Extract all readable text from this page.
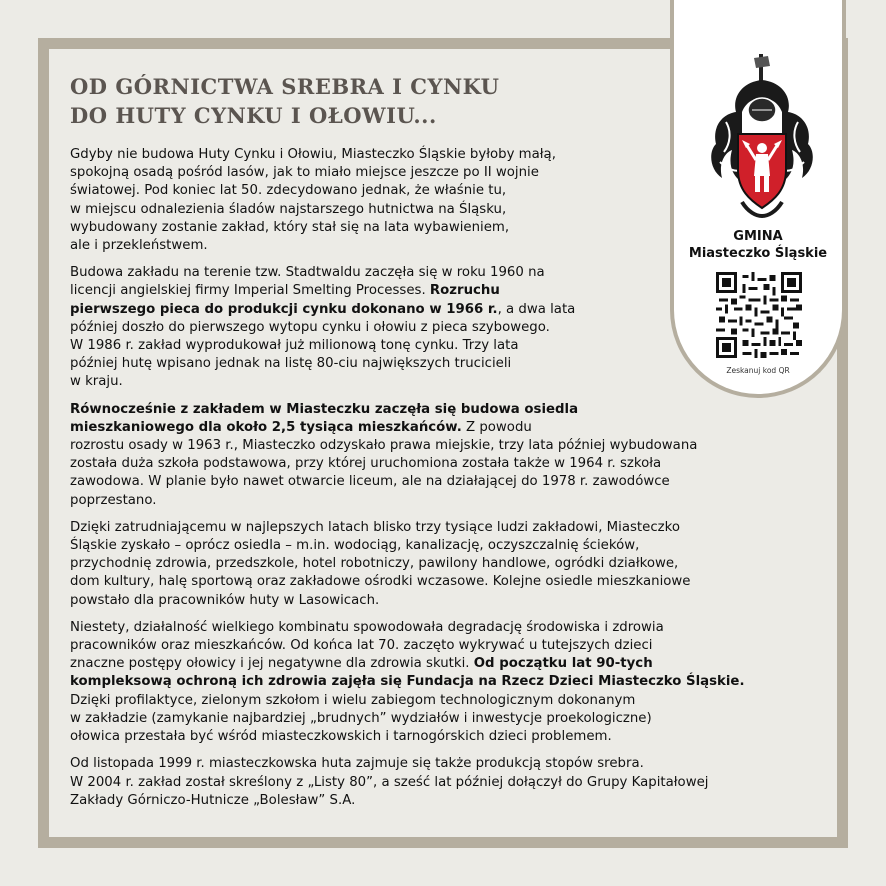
OD GÓRNICTWA SREBRA I CYNKU
DO HUTY CYNKU I OŁOWIU...

Gdyby nie budowa Huty Cynku i Ołowiu, Miasteczko Śląskie byłoby małą,
spokojną osadą pośród lasów, jak to miało miejsce jeszcze po II wojnie
światowej. Pod koniec lat 50. zdecydowano jednak, że właśnie tu,
w miejscu odnalezienia śladów najstarszego hutnictwa na Śląsku,
wybudowany zostanie zakład, który stał się na lata wybawieniem,
ale i przekleństwem.

Budowa zakładu na terenie tzw. Stadtwaldu zaczęła się w roku 1960 na
licencji angielskiej firmy Imperial Smelting Processes. Rozruchu
pierwszego pieca do produkcji cynku dokonano w 1966 r., a dwa lata
później doszło do pierwszego wytopu cynku i ołowiu z pieca szybowego.
W 1986 r. zakład wyprodukował już milionową tonę cynku. Trzy lata
później hutę wpisano jednak na listę 80-ciu największych trucicieli
w kraju.

Równocześnie z zakładem w Miasteczku zaczęła się budowa osiedla
mieszkaniowego dla około 2,5 tysiąca mieszkańców. Z powodu
rozrostu osady w 1963 r., Miasteczko odzyskało prawa miejskie, trzy lata później wybudowana
została duża szkoła podstawowa, przy której uruchomiona została także w 1964 r. szkoła
zawodowa. W planie było nawet otwarcie liceum, ale na działającej do 1978 r. zawodówce
poprzestano.

Dzięki zatrudniającemu w najlepszych latach blisko trzy tysiące ludzi zakładowi, Miasteczko
Śląskie zyskało – oprócz osiedla – m.in. wodociąg, kanalizację, oczyszczalnię ścieków,
przychodnię zdrowia, przedszkole, hotel robotniczy, pawilony handlowe, ogródki działkowe,
dom kultury, halę sportową oraz zakładowe ośrodki wczasowe. Kolejne osiedle mieszkaniowe
powstało dla pracowników huty w Lasowicach.

Niestety, działalność wielkiego kombinatu spowodowała degradację środowiska i zdrowia
pracowników oraz mieszkańców. Od końca lat 70. zaczęto wykrywać u tutejszych dzieci
znaczne postępy ołowicy i jej negatywne dla zdrowia skutki. Od początku lat 90-tych
kompleksową ochroną ich zdrowia zajęła się Fundacja na Rzecz Dzieci Miasteczko Śląskie.
Dzięki profilaktyce, zielonym szkołom i wielu zabiegom technologicznym dokonanym
w zakładzie (zamykanie najbardziej „brudnych” wydziałów i inwestycje proekologiczne)
ołowica przestała być wśród miasteczkowskich i tarnogórskich dzieci problemem.

Od listopada 1999 r. miasteczkowska huta zajmuje się także produkcją stopów srebra.
W 2004 r. zakład został skreślony z „Listy 80”, a sześć lat później dołączył do Grupy Kapitałowej
Zakłady Górniczo-Hutnicze „Bolesław” S.A.

GMINA
Miasteczko Śląskie
Zeskanuj kod QR
